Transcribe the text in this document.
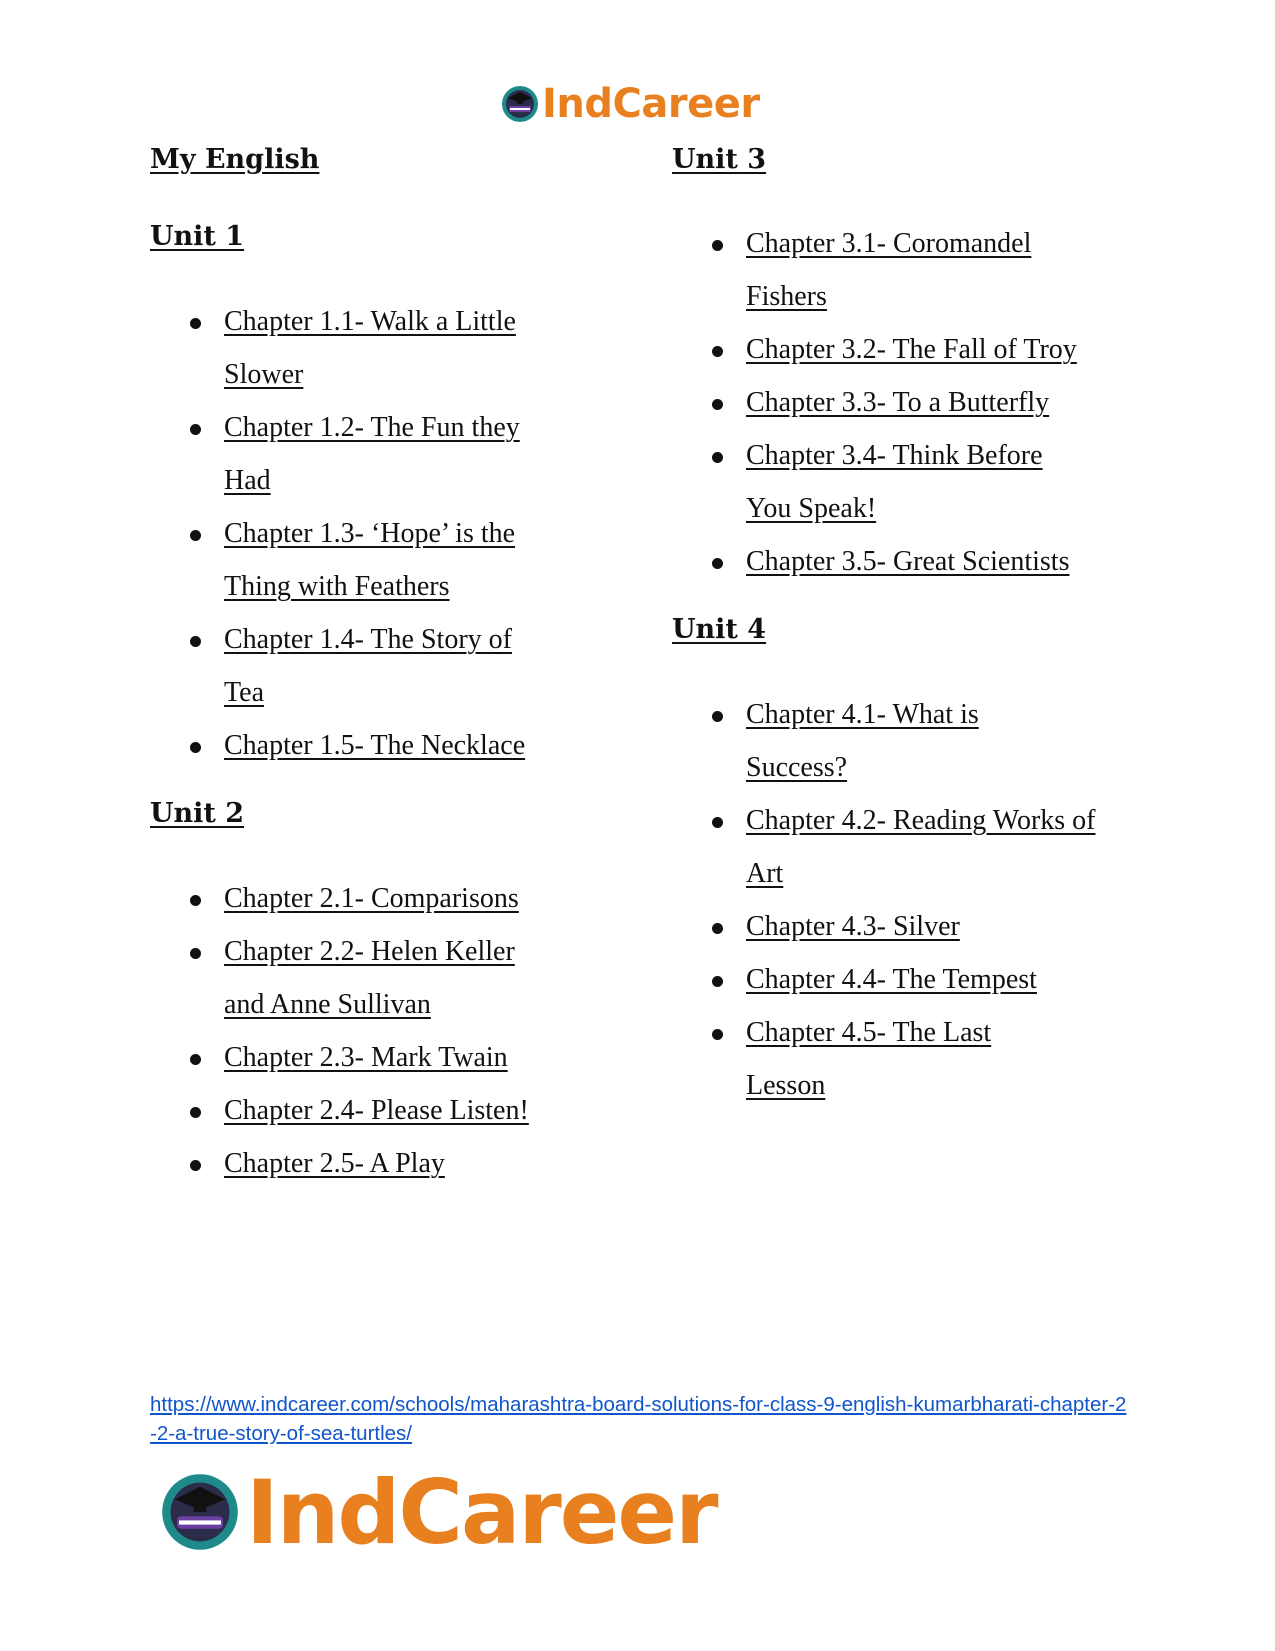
IndCareer
My English
Unit 1
Chapter 1.1- Walk a Little Slower
Chapter 1.2- The Fun they Had
Chapter 1.3- ‘Hope’ is the Thing with Feathers
Chapter 1.4- The Story of Tea
Chapter 1.5- The Necklace
Unit 2
Chapter 2.1- Comparisons
Chapter 2.2- Helen Keller and Anne Sullivan
Chapter 2.3- Mark Twain
Chapter 2.4- Please Listen!
Chapter 2.5- A Play
Unit 3
Chapter 3.1- Coromandel Fishers
Chapter 3.2- The Fall of Troy
Chapter 3.3- To a Butterfly
Chapter 3.4- Think Before You Speak!
Chapter 3.5- Great Scientists
Unit 4
Chapter 4.1- What is Success?
Chapter 4.2- Reading Works of Art
Chapter 4.3- Silver
Chapter 4.4- The Tempest
Chapter 4.5- The Last Lesson
https://www.indcareer.com/schools/maharashtra-board-solutions-for-class-9-english-kumarbharati-chapter-2-2-a-true-story-of-sea-turtles/
IndCareer
